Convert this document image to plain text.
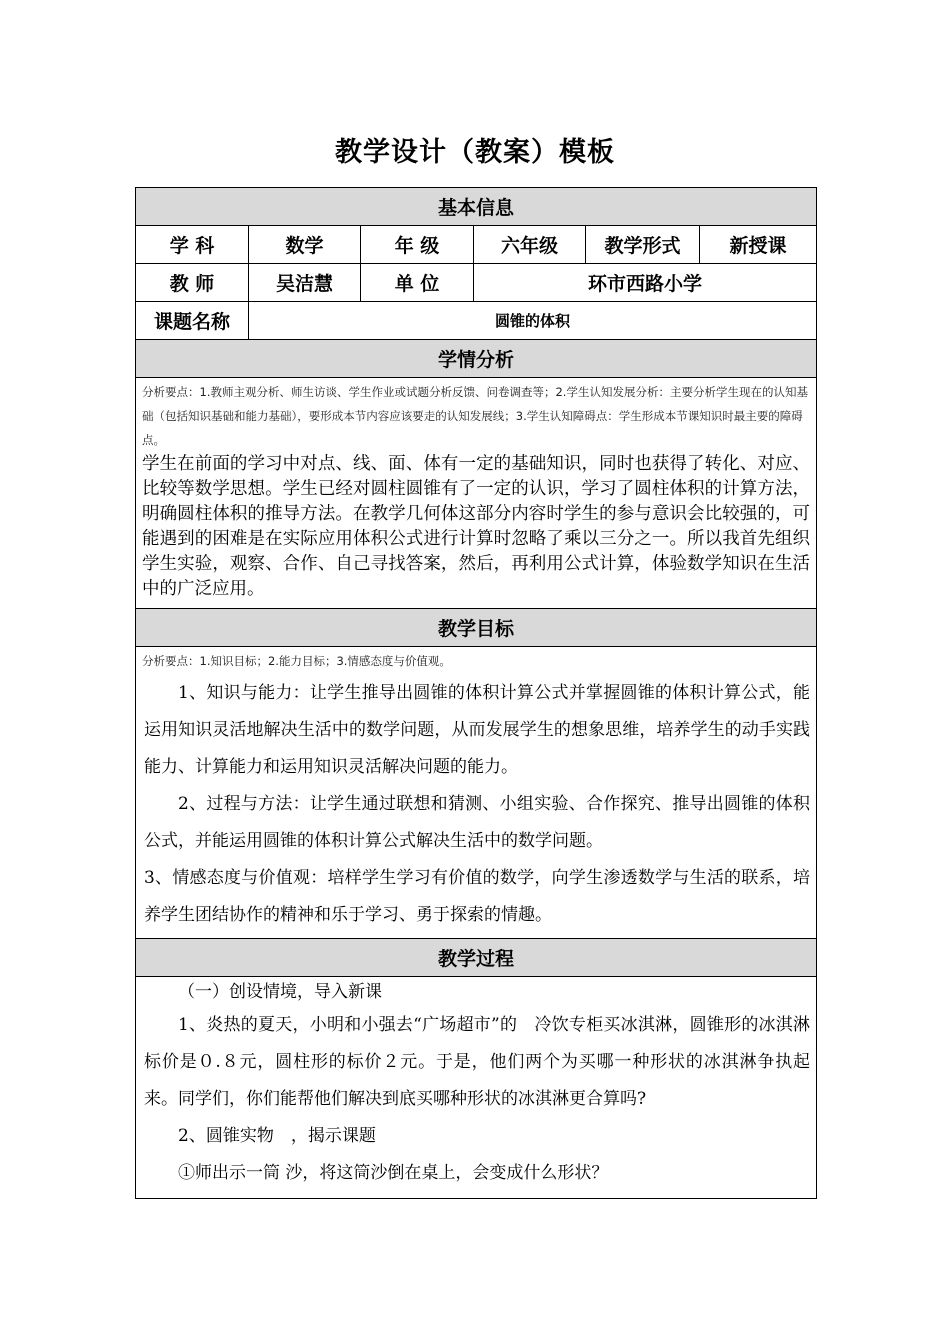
教学设计（教案）模板
基本信息					
学 科	数学	年 级	六年级	教学形式	新授课
教 师	吴洁慧	单 位	环市西路小学		
课题名称	圆锥的体积				
学情分析					

分析要点：1.教师主观分析、师生访谈、学生作业或试题分析反馈、问卷调查等；2.学生认知发展分析：主要分析学生现在的认知基础（包括知识基础和能力基础），要形成本节内容应该要走的认知发展线；3.学生认知障碍点：学生形成本节课知识时最主要的障碍点。
学生在前面的学习中对点、线、面、体有一定的基础知识，同时也获得了转化、对应、比较等数学思想。学生已经对圆柱圆锥有了一定的认识，学习了圆柱体积的计算方法，明确圆柱体积的推导方法。在教学几何体这部分内容时学生的参与意识会比较强的，可能遇到的困难是在实际应用体积公式进行计算时忽略了乘以三分之一。所以我首先组织学生实验，观察、合作、自己寻找答案，然后，再利用公式计算，体验数学知识在生活中的广泛应用。					

教学目标					

分析要点：1.知识目标；2.能力目标；3.情感态度与价值观。

1、知识与能力：让学生推导出圆锥的体积计算公式并掌握圆锥的体积计算公式，能运用知识灵活地解决生活中的数学问题，从而发展学生的想象思维，培养学生的动手实践能力、计算能力和运用知识灵活解决问题的能力。

2、过程与方法：让学生通过联想和猜测、小组实验、合作探究、推导出圆锥的体积公式，并能运用圆锥的体积计算公式解决生活中的数学问题。

3、情感态度与价值观：培样学生学习有价值的数学，向学生渗透数学与生活的联系，培养学生团结协作的精神和乐于学习、勇于探索的情趣。					

教学过程					

（一）创设情境，导入新课

1、炎热的夏天，小明和小强去“广场超市”的　冷饮专柜买冰淇淋，圆锥形的冰淇淋标价是０.８元，圆柱形的标价２元。于是，他们两个为买哪一种形状的冰淇淋争执起来。同学们，你们能帮他们解决到底买哪种形状的冰淇淋更合算吗?

2、圆锥实物　，揭示课题

①师出示一筒 沙，将这筒沙倒在桌上，会变成什么形状？					
